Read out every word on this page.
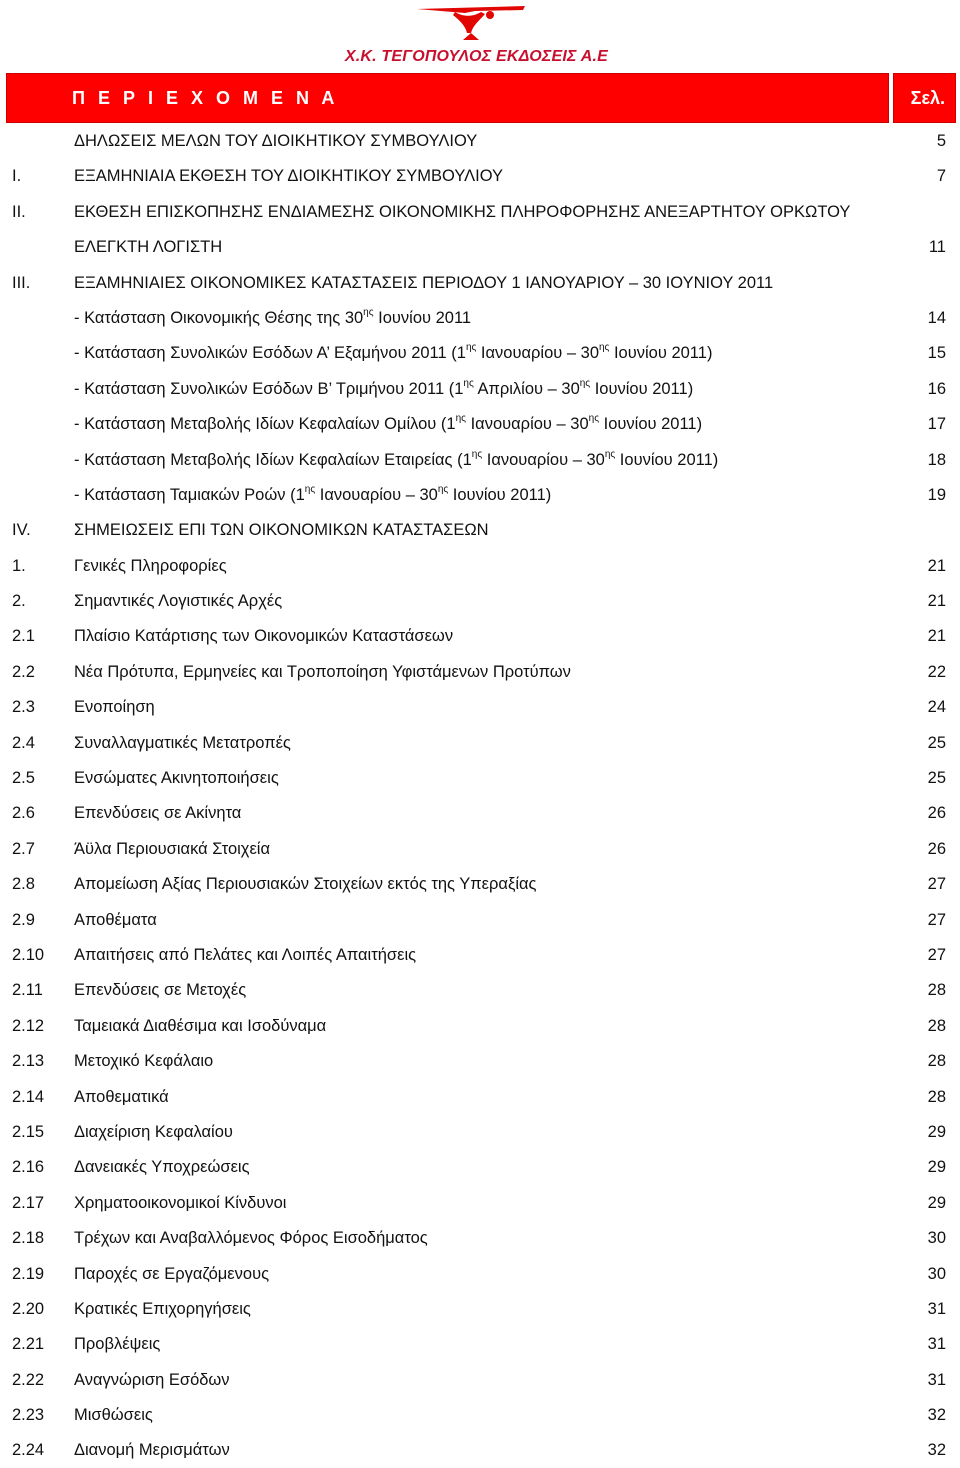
Χ.Κ. ΤΕΓΟΠΟΥΛΟΣ ΕΚΔΟΣΕΙΣ Α.Ε
Π Ε Ρ Ι Ε Χ Ο Μ Ε Ν Α	Σελ.
ΔΗΛΩΣΕΙΣ ΜΕΛΩΝ ΤΟΥ ΔΙΟΙΚΗΤΙΚΟΥ ΣΥΜΒΟΥΛΙΟΥ	5
I.	ΕΞΑΜΗΝΙΑΙΑ ΕΚΘΕΣΗ ΤΟΥ ΔΙΟΙΚΗΤΙΚΟΥ ΣΥΜΒΟΥΛΙΟΥ	7
II.	ΕΚΘΕΣΗ ΕΠΙΣΚΟΠΗΣΗΣ ΕΝΔΙΑΜΕΣΗΣ ΟΙΚΟΝΟΜΙΚΗΣ ΠΛΗΡΟΦΟΡΗΣΗΣ ΑΝΕΞΑΡΤΗΤΟΥ ΟΡΚΩΤΟΥ
ΕΛΕΓΚΤΗ ΛΟΓΙΣΤΗ	11
III.	ΕΞΑΜΗΝΙΑΙΕΣ ΟΙΚΟΝΟΜΙΚΕΣ ΚΑΤΑΣΤΑΣΕΙΣ ΠΕΡΙΟΔΟΥ 1 ΙΑΝΟΥΑΡΙΟΥ – 30 ΙΟΥΝΙΟΥ 2011
- Κατάσταση Οικονομικής Θέσης της $30^{\eta\varsigma}$ Ιουνίου 2011	14
- Κατάσταση Συνολικών Εσόδων Α’ Εξαμήνου 2011 ($1^{\eta\varsigma}$ Ιανουαρίου – $30^{\eta\varsigma}$ Ιουνίου 2011)	15
- Κατάσταση Συνολικών Εσόδων Β’ Τριμήνου 2011 ($1^{\eta\varsigma}$ Απριλίου – $30^{\eta\varsigma}$ Ιουνίου 2011)	16
- Κατάσταση Μεταβολής Ιδίων Κεφαλαίων Ομίλου ($1^{\eta\varsigma}$ Ιανουαρίου – $30^{\eta\varsigma}$ Ιουνίου 2011)	17
- Κατάσταση Μεταβολής Ιδίων Κεφαλαίων Εταιρείας ($1^{\eta\varsigma}$ Ιανουαρίου – $30^{\eta\varsigma}$ Ιουνίου 2011)	18
- Κατάσταση Ταμιακών Ροών ($1^{\eta\varsigma}$ Ιανουαρίου – $30^{\eta\varsigma}$ Ιουνίου 2011)	19
IV.	ΣΗΜΕΙΩΣΕΙΣ ΕΠΙ ΤΩΝ ΟΙΚΟΝΟΜΙΚΩΝ ΚΑΤΑΣΤΑΣΕΩΝ
1.	Γενικές Πληροφορίες	21
2.	Σημαντικές Λογιστικές Αρχές	21
2.1 Πλαίσιο Κατάρτισης των Οικονομικών Καταστάσεων	21
2.2 Νέα Πρότυπα, Ερμηνείες και Τροποποίηση Υφιστάμενων Προτύπων	22
2.3 Ενοποίηση	24
2.4 Συναλλαγματικές Μετατροπές	25
2.5 Ενσώματες Ακινητοποιήσεις	25
2.6 Επενδύσεις σε Ακίνητα	26
2.7 Άϋλα Περιουσιακά Στοιχεία	26
2.8 Απομείωση Αξίας Περιουσιακών Στοιχείων εκτός της Υπεραξίας	27
2.9 Αποθέματα	27
2.10 Απαιτήσεις από Πελάτες και Λοιπές Απαιτήσεις	27
2.11 Επενδύσεις σε Μετοχές	28
2.12 Ταμειακά Διαθέσιμα και Ισοδύναμα	28
2.13 Μετοχικό Κεφάλαιο	28
2.14 Αποθεματικά	28
2.15 Διαχείριση Κεφαλαίου	29
2.16 Δανειακές Υποχρεώσεις	29
2.17 Χρηματοοικονομικοί Κίνδυνοι	29
2.18 Τρέχων και Αναβαλλόμενος Φόρος Εισοδήματος	30
2.19 Παροχές σε Εργαζόμενους	30
2.20 Κρατικές Επιχορηγήσεις	31
2.21 Προβλέψεις	31
2.22 Αναγνώριση Εσόδων	31
2.23 Μισθώσεις	32
2.24 Διανομή Μερισμάτων	32
